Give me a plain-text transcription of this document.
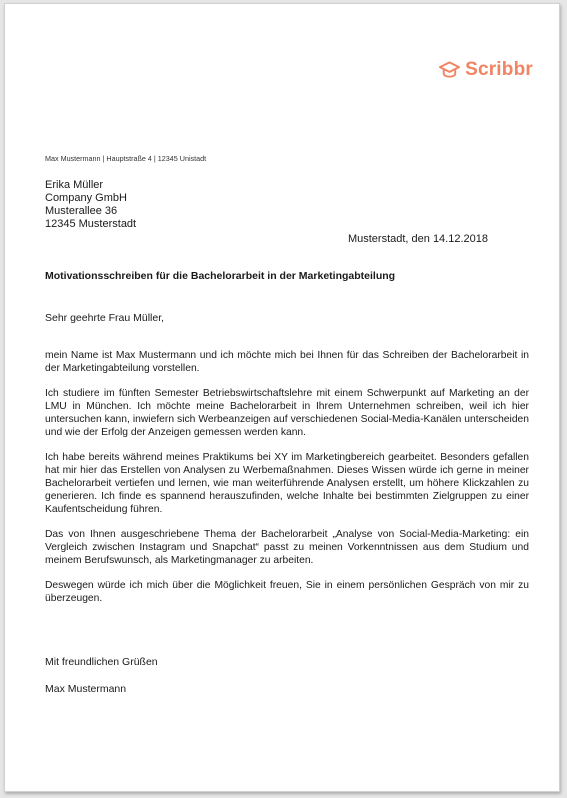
Scribbr
Max Mustermann | Hauptstraße 4 | 12345 Unistadt
Erika Müller
Company GmbH
Musterallee 36
12345 Musterstadt
Musterstadt, den 14.12.2018
Motivationsschreiben für die Bachelorarbeit in der Marketingabteilung
Sehr geehrte Frau Müller,

mein Name ist Max Mustermann und ich möchte mich bei Ihnen für das Schreiben der Bachelorarbeit in der Marketingabteilung vorstellen.

Ich studiere im fünften Semester Betriebswirtschaftslehre mit einem Schwerpunkt auf Marketing an der LMU in München. Ich möchte meine Bachelorarbeit in Ihrem Unternehmen schreiben, weil ich hier untersuchen kann, inwiefern sich Werbeanzeigen auf verschiedenen Social-Media-Kanälen unterscheiden und wie der Erfolg der Anzeigen gemessen werden kann.

Ich habe bereits während meines Praktikums bei XY im Marketingbereich gearbeitet. Besonders gefallen hat mir hier das Erstellen von Analysen zu Werbemaßnahmen. Dieses Wissen würde ich gerne in meiner Bachelorarbeit vertiefen und lernen, wie man weiterführende Analysen erstellt, um höhere Klickzahlen zu generieren. Ich finde es spannend herauszufinden, welche Inhalte bei bestimmten Zielgruppen zu einer Kaufentscheidung führen.

Das von Ihnen ausgeschriebene Thema der Bachelorarbeit „Analyse von Social-Media-Marketing: ein Vergleich zwischen Instagram und Snapchat“ passt zu meinen Vorkenntnissen aus dem Studium und meinem Berufswunsch, als Marketingmanager zu arbeiten.

Deswegen würde ich mich über die Möglichkeit freuen, Sie in einem persönlichen Gespräch von mir zu überzeugen.

Mit freundlichen Grüßen
Max Mustermann
